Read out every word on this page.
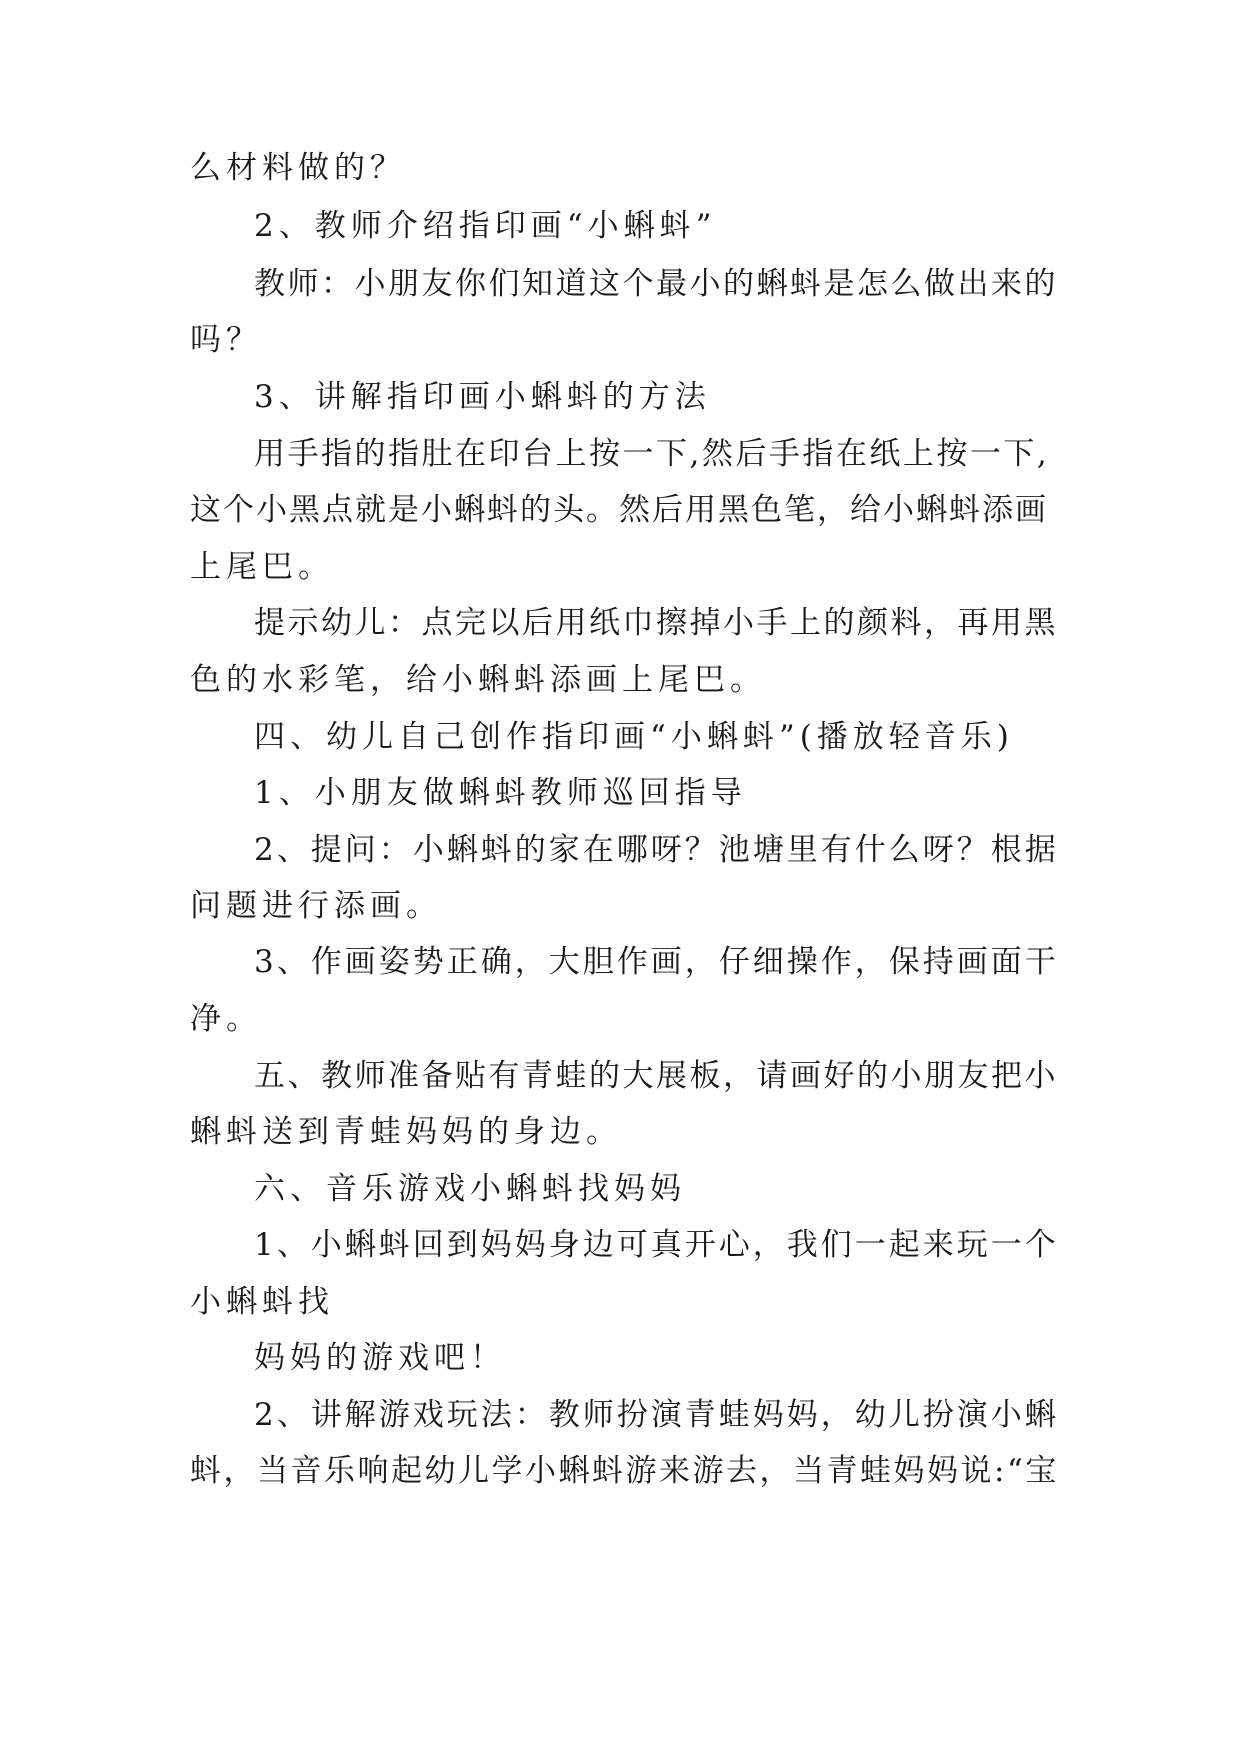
么材料做的？
2、教师介绍指印画“小蝌蚪”
教师：小朋友你们知道这个最小的蝌蚪是怎么做出来的
吗？
3、讲解指印画小蝌蚪的方法
用手指的指肚在印台上按一下,然后手指在纸上按一下,
这个小黑点就是小蝌蚪的头。然后用黑色笔，给小蝌蚪添画
上尾巴。
提示幼儿：点完以后用纸巾擦掉小手上的颜料，再用黑
色的水彩笔，给小蝌蚪添画上尾巴。
四、幼儿自己创作指印画“小蝌蚪”(播放轻音乐)
1、小朋友做蝌蚪教师巡回指导
2、提问：小蝌蚪的家在哪呀？池塘里有什么呀？根据
问题进行添画。
3、作画姿势正确，大胆作画，仔细操作，保持画面干
净。
五、教师准备贴有青蛙的大展板，请画好的小朋友把小
蝌蚪送到青蛙妈妈的身边。
六、音乐游戏小蝌蚪找妈妈
1、小蝌蚪回到妈妈身边可真开心，我们一起来玩一个
小蝌蚪找
妈妈的游戏吧！
2、讲解游戏玩法：教师扮演青蛙妈妈，幼儿扮演小蝌
蚪，当音乐响起幼儿学小蝌蚪游来游去，当青蛙妈妈说:“宝
